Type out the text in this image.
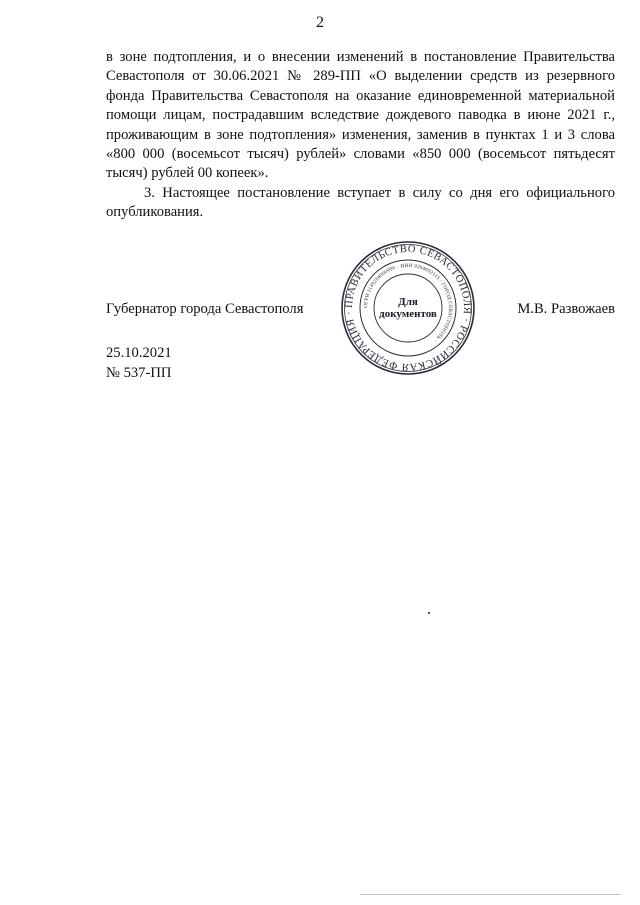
2

в зоне подтопления, и о внесении изменений в постановление Правительства Севастополя от 30.06.2021 № 289-ПП «О выделении средств из резервного фонда Правительства Севастополя на оказание единовременной материальной помощи лицам, пострадавшим вследствие дождевого паводка в июне 2021 г., проживающим в зоне подтопления» изменения, заменив в пунктах 1 и 3 слова «800 000 (восемьсот тысяч) рублей» словами «850 000 (восемьсот пятьдесят тысяч) рублей 00 копеек».

3. Настоящее постановление вступает в силу со дня его официального опубликования.

ПРАВИТЕЛЬСТВО СЕВАСТОПОЛЯ · РОССИЙСКАЯ ФЕДЕРАЦИЯ ·
ОГРН 1149204000996 · ИНН 9204002115 · ГОРОД СЕВАСТОПОЛЬ ·
Для
документов
Губернатор города Севастополя	М.В. Развожаев
25.10.2021
№ 537-ПП
